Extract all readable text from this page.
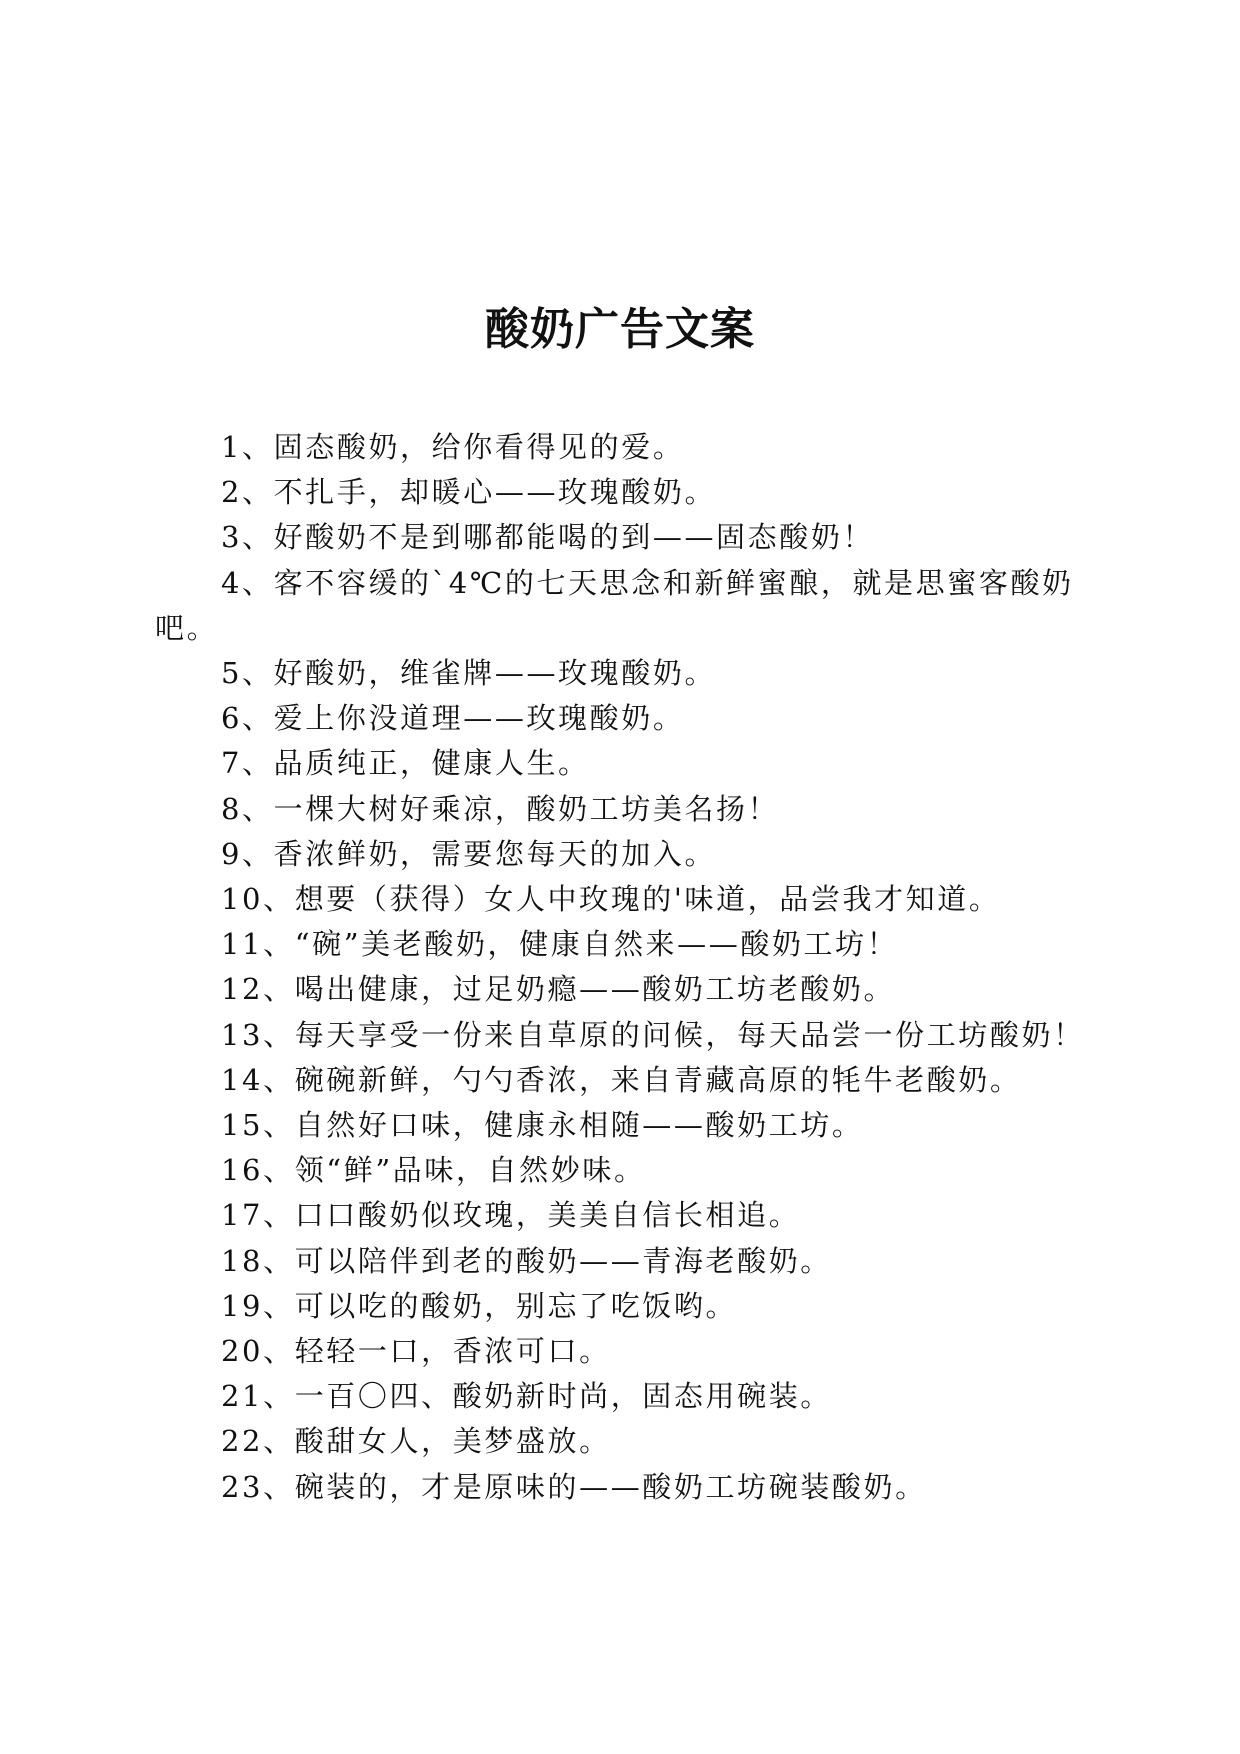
酸奶广告文案

1、固态酸奶，给你看得见的爱。

2、不扎手，却暖心——玫瑰酸奶。

3、好酸奶不是到哪都能喝的到——固态酸奶！

4、客不容缓的`4℃的七天思念和新鲜蜜酿，就是思蜜客酸奶吧。

5、好酸奶，维雀牌——玫瑰酸奶。

6、爱上你没道理——玫瑰酸奶。

7、品质纯正，健康人生。

8、一棵大树好乘凉，酸奶工坊美名扬！

9、香浓鲜奶，需要您每天的加入。

10、想要（获得）女人中玫瑰的'味道，品尝我才知道。

11、“碗”美老酸奶，健康自然来——酸奶工坊！

12、喝出健康，过足奶瘾——酸奶工坊老酸奶。

13、每天享受一份来自草原的问候，每天品尝一份工坊酸奶！

14、碗碗新鲜，勺勺香浓，来自青藏高原的牦牛老酸奶。

15、自然好口味，健康永相随——酸奶工坊。

16、领“鲜”品味，自然妙味。

17、口口酸奶似玫瑰，美美自信长相追。

18、可以陪伴到老的酸奶——青海老酸奶。

19、可以吃的酸奶，别忘了吃饭哟。

20、轻轻一口，香浓可口。

21、一百〇四、酸奶新时尚，固态用碗装。

22、酸甜女人，美梦盛放。

23、碗装的，才是原味的——酸奶工坊碗装酸奶。
